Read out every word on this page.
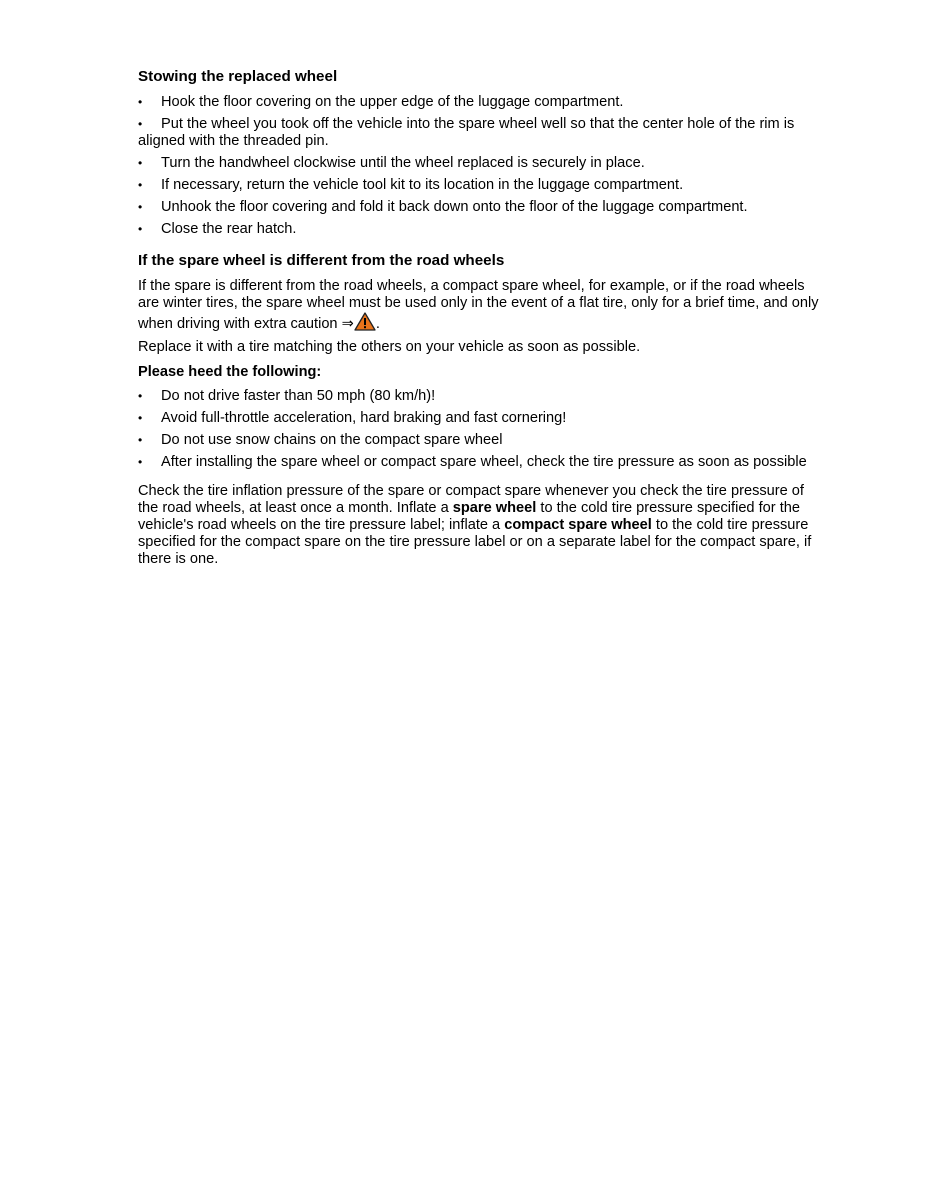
Stowing the replaced wheel
•Hook the floor covering on the upper edge of the luggage compartment.
•Put the wheel you took off the vehicle into the spare wheel well so that the center hole of the rim is aligned with the threaded pin.
•Turn the handwheel clockwise until the wheel replaced is securely in place.
•If necessary, return the vehicle tool kit to its location in the luggage compartment.
•Unhook the floor covering and fold it back down onto the floor of the luggage compartment.
•Close the rear hatch.
If the spare wheel is different from the road wheels

If the spare is different from the road wheels, a compact spare wheel, for example, or if the road wheels are winter tires, the spare wheel must be used only in the event of a flat tire, only for a brief time, and only when driving with extra caution ⇒ .

Replace it with a tire matching the others on your vehicle as soon as possible.

Please heed the following:

•Do not drive faster than 50 mph (80 km/h)!
•Avoid full-throttle acceleration, hard braking and fast cornering!
•Do not use snow chains on the compact spare wheel
•After installing the spare wheel or compact spare wheel, check the tire pressure as soon as possible

Check the tire inflation pressure of the spare or compact spare whenever you check the tire pressure of the road wheels, at least once a month. Inflate a spare wheel to the cold tire pressure specified for the vehicle's road wheels on the tire pressure label; inflate a compact spare wheel to the cold tire pressure specified for the compact spare on the tire pressure label or on a separate label for the compact spare, if there is one.
